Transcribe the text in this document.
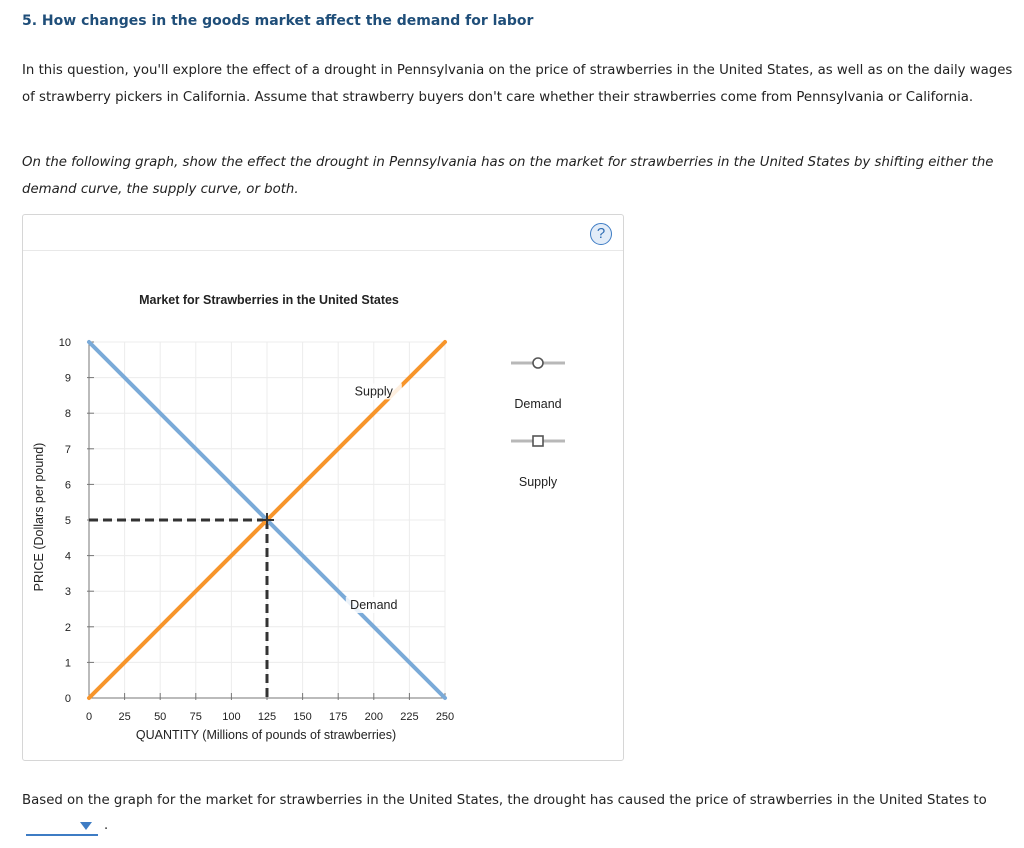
5. How changes in the goods market affect the demand for labor

In this question, you'll explore the effect of a drought in Pennsylvania on the price of strawberries in the United States, as well as on the daily wages of strawberry pickers in California. Assume that strawberry buyers don't care whether their strawberries come from Pennsylvania or California.

On the following graph, show the effect the drought in Pennsylvania has on the market for strawberries in the United States by shifting either the demand curve, the supply curve, or both.

?
0
1
2
3
4
5
6
7
8
9
10
0 25 50 75 100 125 150 175 200 225 250
Demand
Supply
Market for Strawberries in the United States
QUANTITY (Millions of pounds of strawberries)
PRICE (Dollars per pound)
Demand
Supply

Based on the graph for the market for strawberries in the United States, the drought has caused the price of strawberries in the United States to

.
